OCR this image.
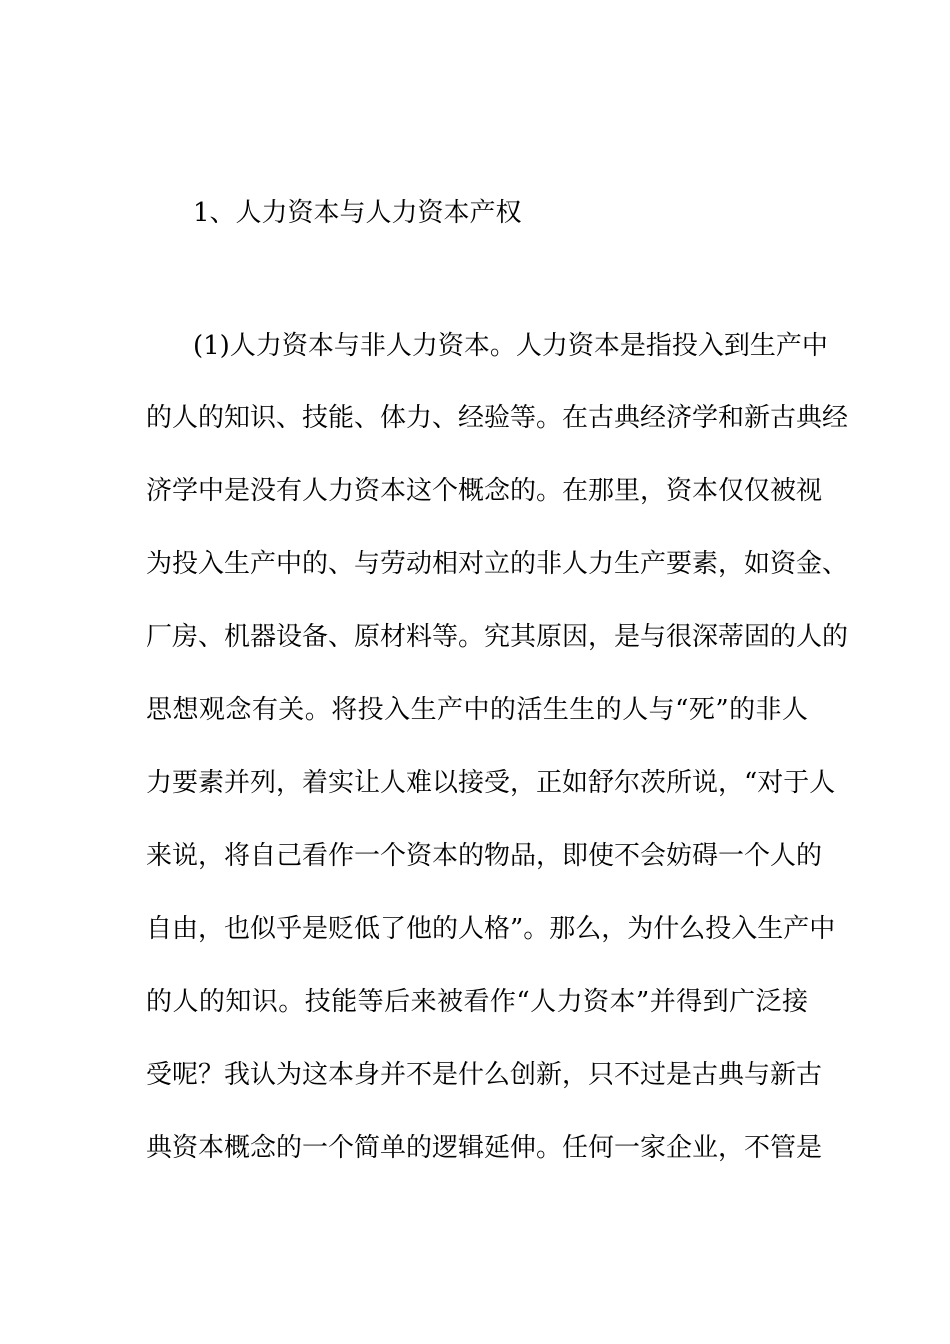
1、人力资本与人力资本产权
(1)人力资本与非人力资本。人力资本是指投入到生产中
的人的知识、技能、体力、经验等。在古典经济学和新古典经
济学中是没有人力资本这个概念的。在那里，资本仅仅被视
为投入生产中的、与劳动相对立的非人力生产要素，如资金、
厂房、机器设备、原材料等。究其原因，是与很深蒂固的人的
思想观念有关。将投入生产中的活生生的人与“死”的非人
力要素并列，着实让人难以接受，正如舒尔茨所说，“对于人
来说，将自己看作一个资本的物品，即使不会妨碍一个人的
自由，也似乎是贬低了他的人格”。那么，为什么投入生产中
的人的知识。技能等后来被看作“人力资本”并得到广泛接
受呢？我认为这本身并不是什么创新，只不过是古典与新古
典资本概念的一个简单的逻辑延伸。任何一家企业，不管是
